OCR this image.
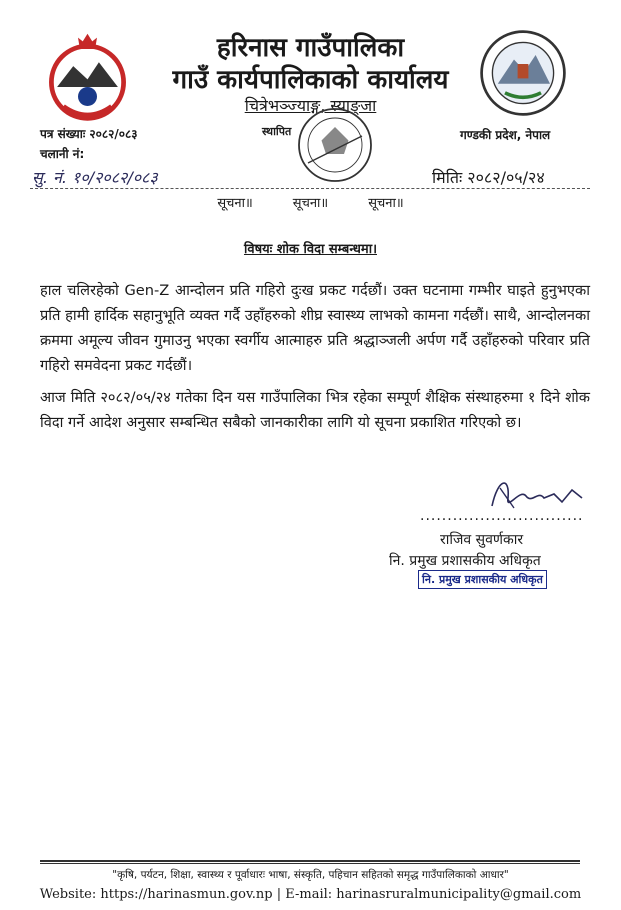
हरिनास गाउँपालिका
गाउँ कार्यपालिकाको कार्यालय
चित्रेभञ्ज्याङ्ग, स्याङ्जा
पत्र संख्याः २०८२/०८३
चलानी नं:
स्थापित	गण्डकी प्रदेश, नेपाल
सु. नं. १०/२०८२/०८३	मितिः २०८२/०५/२४
सूचना॥	सूचना॥	सूचना॥
विषयः शोक विदा सम्बन्धमा।
हाल चलिरहेको Gen-Z आन्दोलन प्रति गहिरो दुःख प्रकट गर्दछौं। उक्त घटनामा गम्भीर घाइते हुनुभएका प्रति हामी हार्दिक सहानुभूति व्यक्त गर्दै उहाँहरुको शीघ्र स्वास्थ्य लाभको कामना गर्दछौं। साथै, आन्दोलनका क्रममा अमूल्य जीवन गुमाउनु भएका स्वर्गीय आत्माहरु प्रति श्रद्धाञ्जली अर्पण गर्दै उहाँहरुको परिवार प्रति गहिरो समवेदना प्रकट गर्दछौं।
आज मिति २०८२/०५/२४ गतेका दिन यस गाउँपालिका भित्र रहेका सम्पूर्ण शैक्षिक संस्थाहरुमा १ दिने शोक विदा गर्ने आदेश अनुसार सम्बन्धित सबैको जानकारीका लागि यो सूचना प्रकाशित गरिएको छ।
..............................
राजिव सुवर्णकार
नि. प्रमुख प्रशासकीय अधिकृत
नि. प्रमुख प्रशासकीय अधिकृत
"कृषि, पर्यटन, शिक्षा, स्वास्थ्य र पूर्वाधारः भाषा, संस्कृति, पहिचान सहितको समृद्ध गाउँपालिकाको आधार"
Website: https://harinasmun.gov.np | E-mail: harinasruralmunicipality@gmail.com
